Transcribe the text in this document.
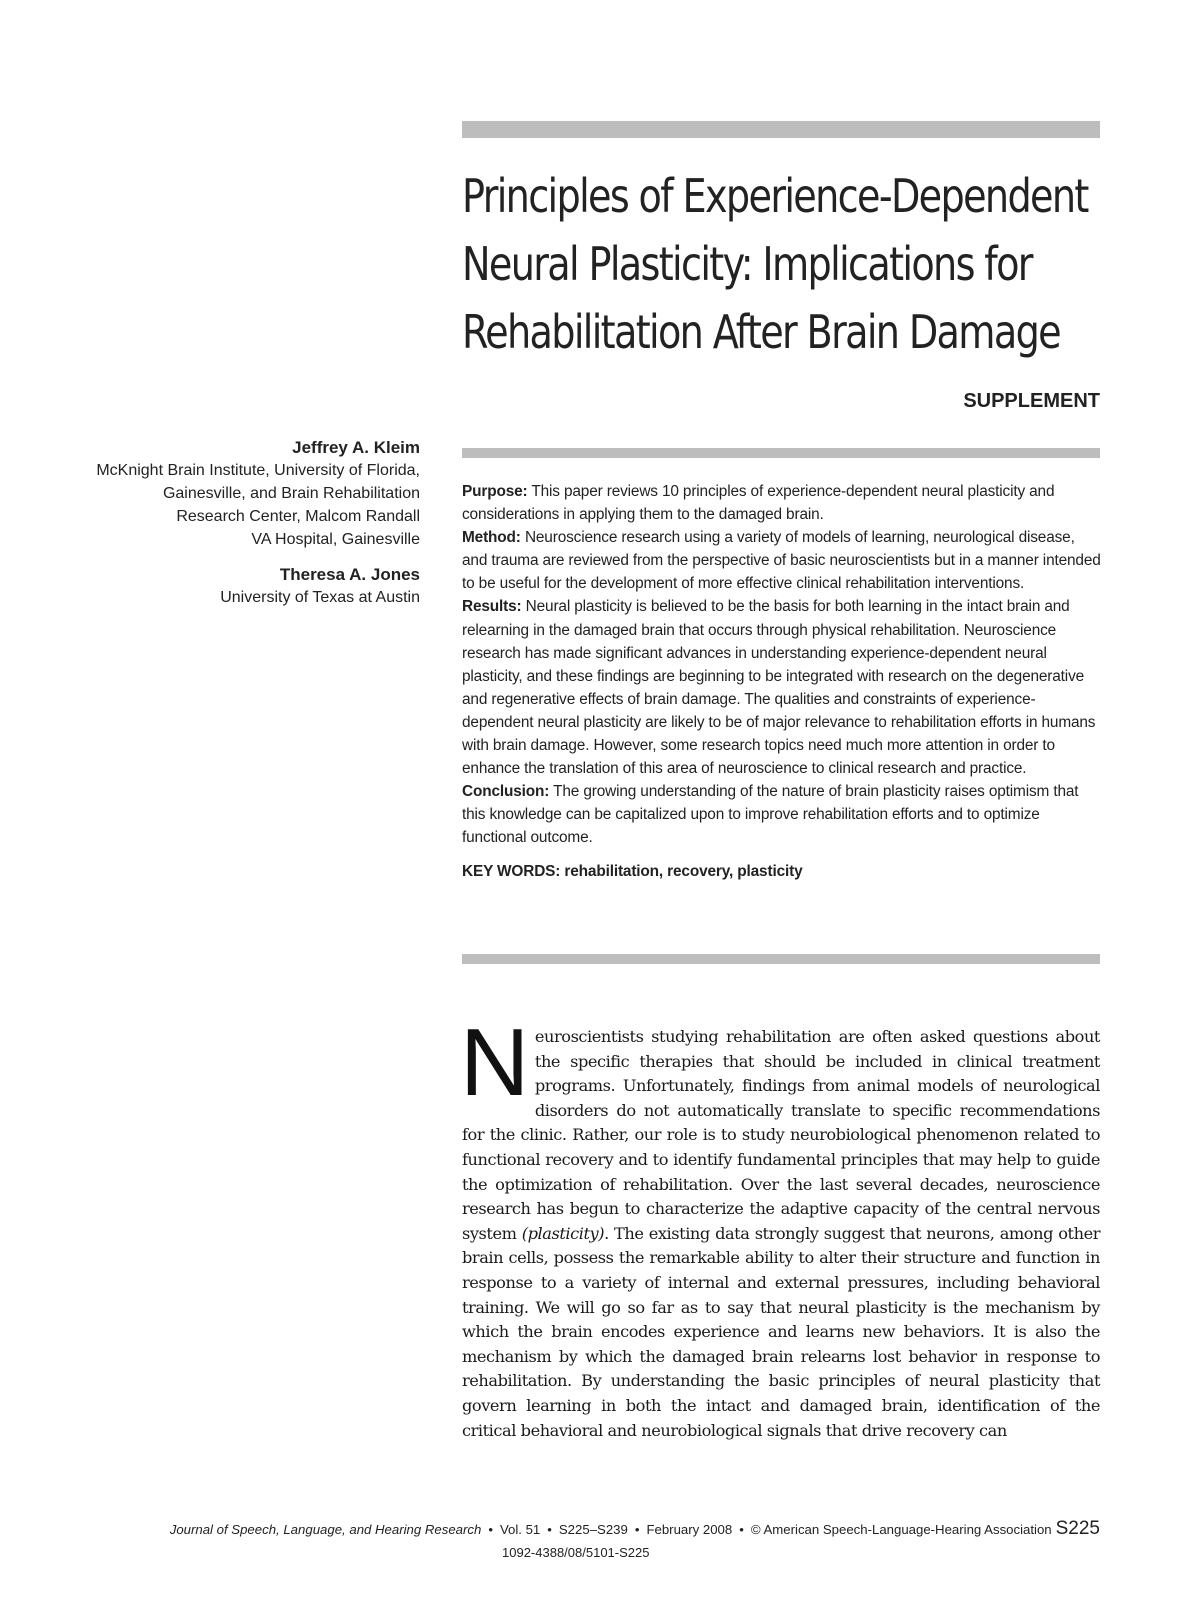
Principles of Experience-Dependent
Neural Plasticity: Implications for
Rehabilitation After Brain Damage
SUPPLEMENT
Jeffrey A. Kleim
McKnight Brain Institute, University of Florida,
Gainesville, and Brain Rehabilitation
Research Center, Malcom Randall
VA Hospital, Gainesville
Theresa A. Jones
University of Texas at Austin

Purpose: This paper reviews 10 principles of experience-dependent neural plasticity and considerations in applying them to the damaged brain.

Method: Neuroscience research using a variety of models of learning, neurological disease, and trauma are reviewed from the perspective of basic neuroscientists but in a manner intended to be useful for the development of more effective clinical rehabilitation interventions.

Results: Neural plasticity is believed to be the basis for both learning in the intact brain and relearning in the damaged brain that occurs through physical rehabilitation. Neuroscience research has made significant advances in understanding experience-dependent neural plasticity, and these findings are beginning to be integrated with research on the degenerative and regenerative effects of brain damage. The qualities and constraints of experience-dependent neural plasticity are likely to be of major relevance to rehabilitation efforts in humans with brain damage. However, some research topics need much more attention in order to enhance the translation of this area of neuroscience to clinical research and practice.

Conclusion: The growing understanding of the nature of brain plasticity raises optimism that this knowledge can be capitalized upon to improve rehabilitation efforts and to optimize functional outcome.

KEY WORDS: rehabilitation, recovery, plasticity

Neuroscientists studying rehabilitation are often asked questions about the specific therapies that should be included in clinical treatment programs. Unfortunately, findings from animal models of neurological disorders do not automatically translate to specific recommendations for the clinic. Rather, our role is to study neurobiological phenomenon related to functional recovery and to identify fundamental principles that may help to guide the optimization of rehabilitation. Over the last several decades, neuroscience research has begun to characterize the adaptive capacity of the central nervous system (plasticity). The existing data strongly suggest that neurons, among other brain cells, possess the remarkable ability to alter their structure and function in response to a variety of internal and external pressures, including behavioral training. We will go so far as to say that neural plasticity is the mechanism by which the brain encodes experience and learns new behaviors. It is also the mechanism by which the damaged brain relearns lost behavior in response to rehabilitation. By understanding the basic principles of neural plasticity that govern learning in both the intact and damaged brain, identification of the critical behavioral and neurobiological signals that drive recovery can
Journal of Speech, Language, and Hearing Research • Vol. 51 • S225–S239 • February 2008 • © American Speech-Language-Hearing Association S225
1092-4388/08/5101-S225
